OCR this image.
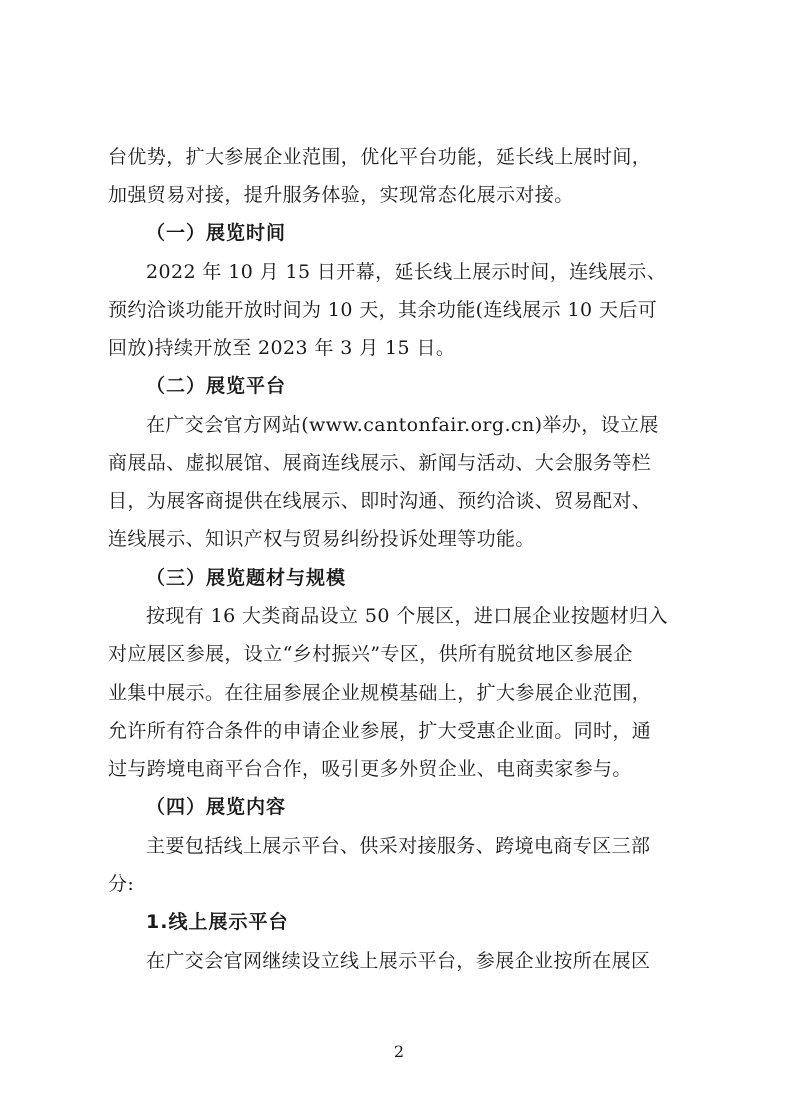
台优势，扩大参展企业范围，优化平台功能，延长线上展时间，
加强贸易对接，提升服务体验，实现常态化展示对接。
（一）展览时间
2022 年 10 月 15 日开幕，延长线上展示时间，连线展示、
预约洽谈功能开放时间为 10 天，其余功能(连线展示 10 天后可
回放)持续开放至 2023 年 3 月 15 日。
（二）展览平台
在广交会官方网站(www.cantonfair.org.cn)举办，设立展
商展品、虚拟展馆、展商连线展示、新闻与活动、大会服务等栏
目，为展客商提供在线展示、即时沟通、预约洽谈、贸易配对、
连线展示、知识产权与贸易纠纷投诉处理等功能。
（三）展览题材与规模
按现有 16 大类商品设立 50 个展区，进口展企业按题材归入
对应展区参展，设立“乡村振兴”专区，供所有脱贫地区参展企
业集中展示。在往届参展企业规模基础上，扩大参展企业范围，
允许所有符合条件的申请企业参展，扩大受惠企业面。同时，通
过与跨境电商平台合作，吸引更多外贸企业、电商卖家参与。
（四）展览内容
主要包括线上展示平台、供采对接服务、跨境电商专区三部
分:
1.线上展示平台
在广交会官网继续设立线上展示平台，参展企业按所在展区
2
